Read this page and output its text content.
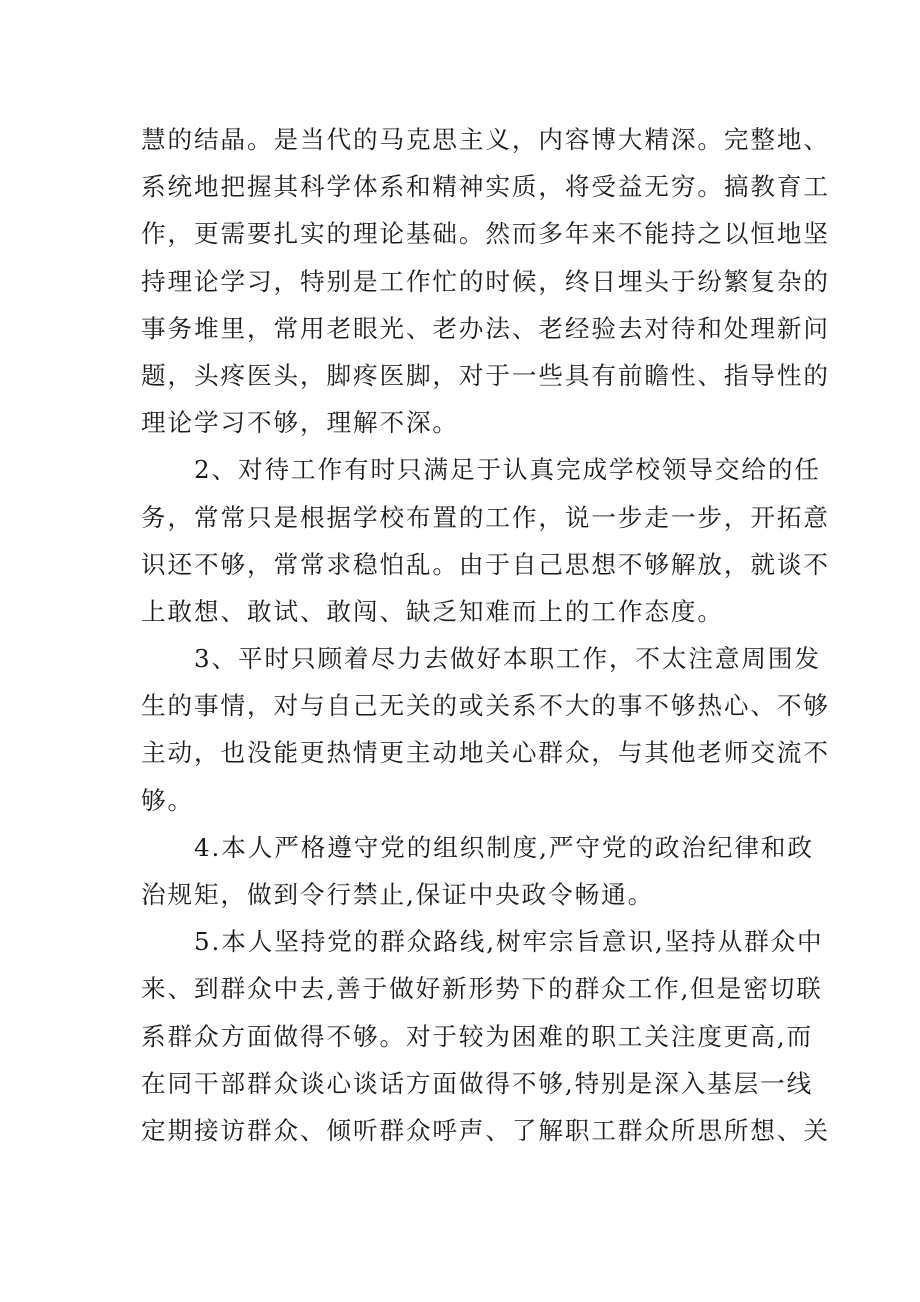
慧的结晶。是当代的马克思主义，内容博大精深。完整地、
系统地把握其科学体系和精神实质，将受益无穷。搞教育工
作，更需要扎实的理论基础。然而多年来不能持之以恒地坚
持理论学习，特别是工作忙的时候，终日埋头于纷繁复杂的
事务堆里，常用老眼光、老办法、老经验去对待和处理新问
题，头疼医头，脚疼医脚，对于一些具有前瞻性、指导性的
理论学习不够，理解不深。
　　2、对待工作有时只满足于认真完成学校领导交给的任
务，常常只是根据学校布置的工作，说一步走一步，开拓意
识还不够，常常求稳怕乱。由于自己思想不够解放，就谈不
上敢想、敢试、敢闯、缺乏知难而上的工作态度。
　　3、平时只顾着尽力去做好本职工作，不太注意周围发
生的事情，对与自己无关的或关系不大的事不够热心、不够
主动，也没能更热情更主动地关心群众，与其他老师交流不
够。
　　4.本人严格遵守党的组织制度,严守党的政治纪律和政
治规矩，做到令行禁止,保证中央政令畅通。
　　5.本人坚持党的群众路线,树牢宗旨意识,坚持从群众中
来、到群众中去,善于做好新形势下的群众工作,但是密切联
系群众方面做得不够。对于较为困难的职工关注度更高,而
在同干部群众谈心谈话方面做得不够,特别是深入基层一线
定期接访群众、倾听群众呼声、了解职工群众所思所想、关
